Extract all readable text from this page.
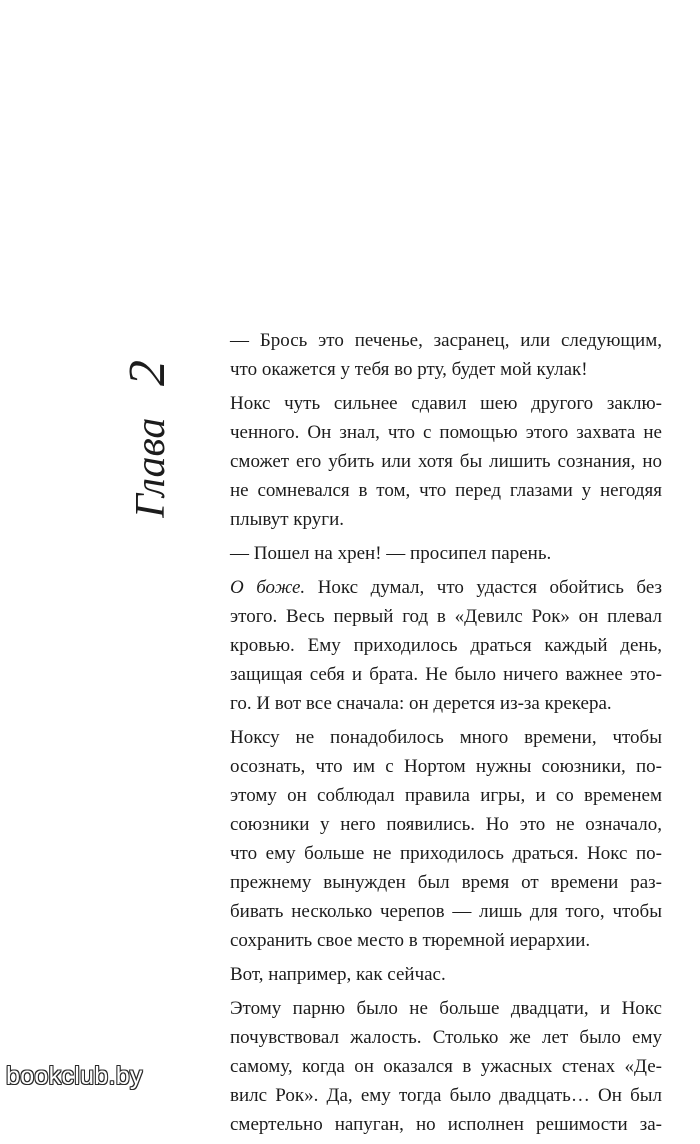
Глава
2
— Брось это печенье, засранец, или следующим,
что окажется у тебя во рту, будет мой кулак!
Нокс чуть сильнее сдавил шею другого заклю-
ченного. Он знал, что с помощью этого захвата не
сможет его убить или хотя бы лишить сознания, но
не сомневался в том, что перед глазами у негодяя
плывут круги.
— Пошел на хрен! — просипел парень.
О боже. Нокс думал, что удастся обойтись без
этого. Весь первый год в «Девилс Рок» он плевал
кровью. Ему приходилось драться каждый день,
защищая себя и брата. Не было ничего важнее это-
го. И вот все сначала: он дерется из-за крекера.
Ноксу не понадобилось много времени, чтобы
осознать, что им с Нортом нужны союзники, по-
этому он соблюдал правила игры, и со временем
союзники у него появились. Но это не означало,
что ему больше не приходилось драться. Нокс по-
прежнему вынужден был время от времени раз-
бивать несколько черепов — лишь для того, чтобы
сохранить свое место в тюремной иерархии.
Вот, например, как сейчас.
Этому парню было не больше двадцати, и Нокс
почувствовал жалость. Столько же лет было ему
самому, когда он оказался в ужасных стенах «Де-
вилс Рок». Да, ему тогда было двадцать… Он был
смертельно напуган, но исполнен решимости за-
bookclub.by
